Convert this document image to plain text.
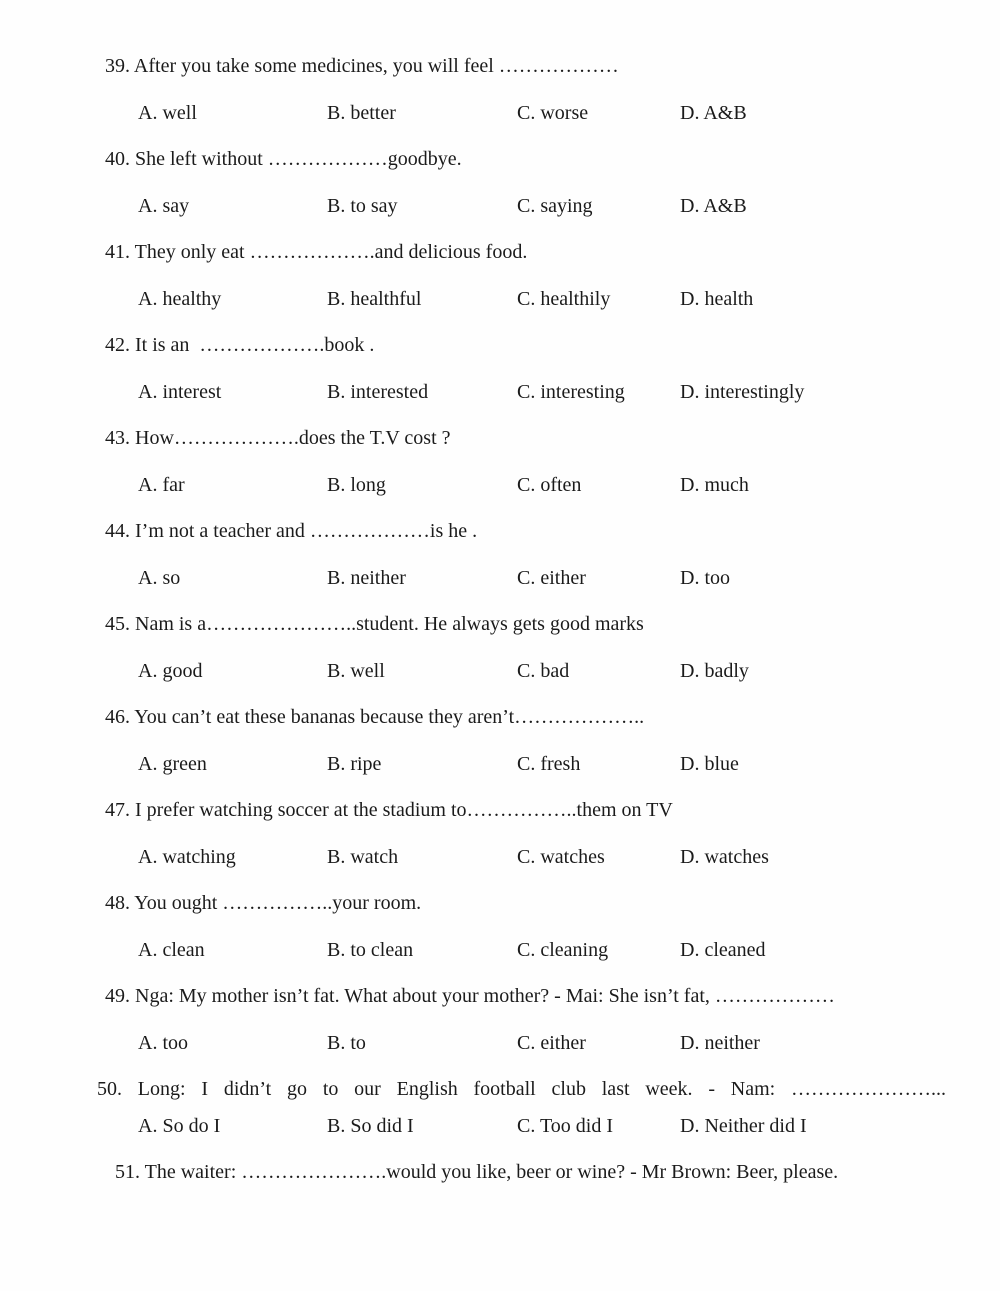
39. After you take some medicines, you will feel ………………
A. well	B. better	C. worse	D. A&B
40. She left without ………………goodbye.
A. say	B. to say	C. saying	D. A&B
41. They only eat ……………….and delicious food.
A. healthy	B. healthful	C. healthily	D. health
42. It is an  ……………….book .
A. interest	B. interested	C. interesting	D. interestingly
43. How……………….does the T.V cost ?
A. far	B. long	C. often	D. much
44. I’m not a teacher and ………………is he .
A. so	B. neither	C. either	D. too
45. Nam is a…………………..student. He always gets good marks
A. good	B. well	C. bad	D. badly
46. You can’t eat these bananas because they aren’t………………..
A. green	B. ripe	C. fresh	D. blue
47. I prefer watching soccer at the stadium to……………..them on TV
A. watching	B. watch	C. watches	D. watches
48. You ought ……………..your room.
A. clean	B. to clean	C. cleaning	D. cleaned
49. Nga: My mother isn’t fat. What about your mother? - Mai: She isn’t fat, ………………
A. too	B. to	C. either	D. neither
50. Long: I didn’t go to our English football club last week. - Nam: …………………...
A. So do I	B. So did I	C. Too did I	D. Neither did I
51. The waiter: ………………….would you like, beer or wine? - Mr Brown: Beer, please.
